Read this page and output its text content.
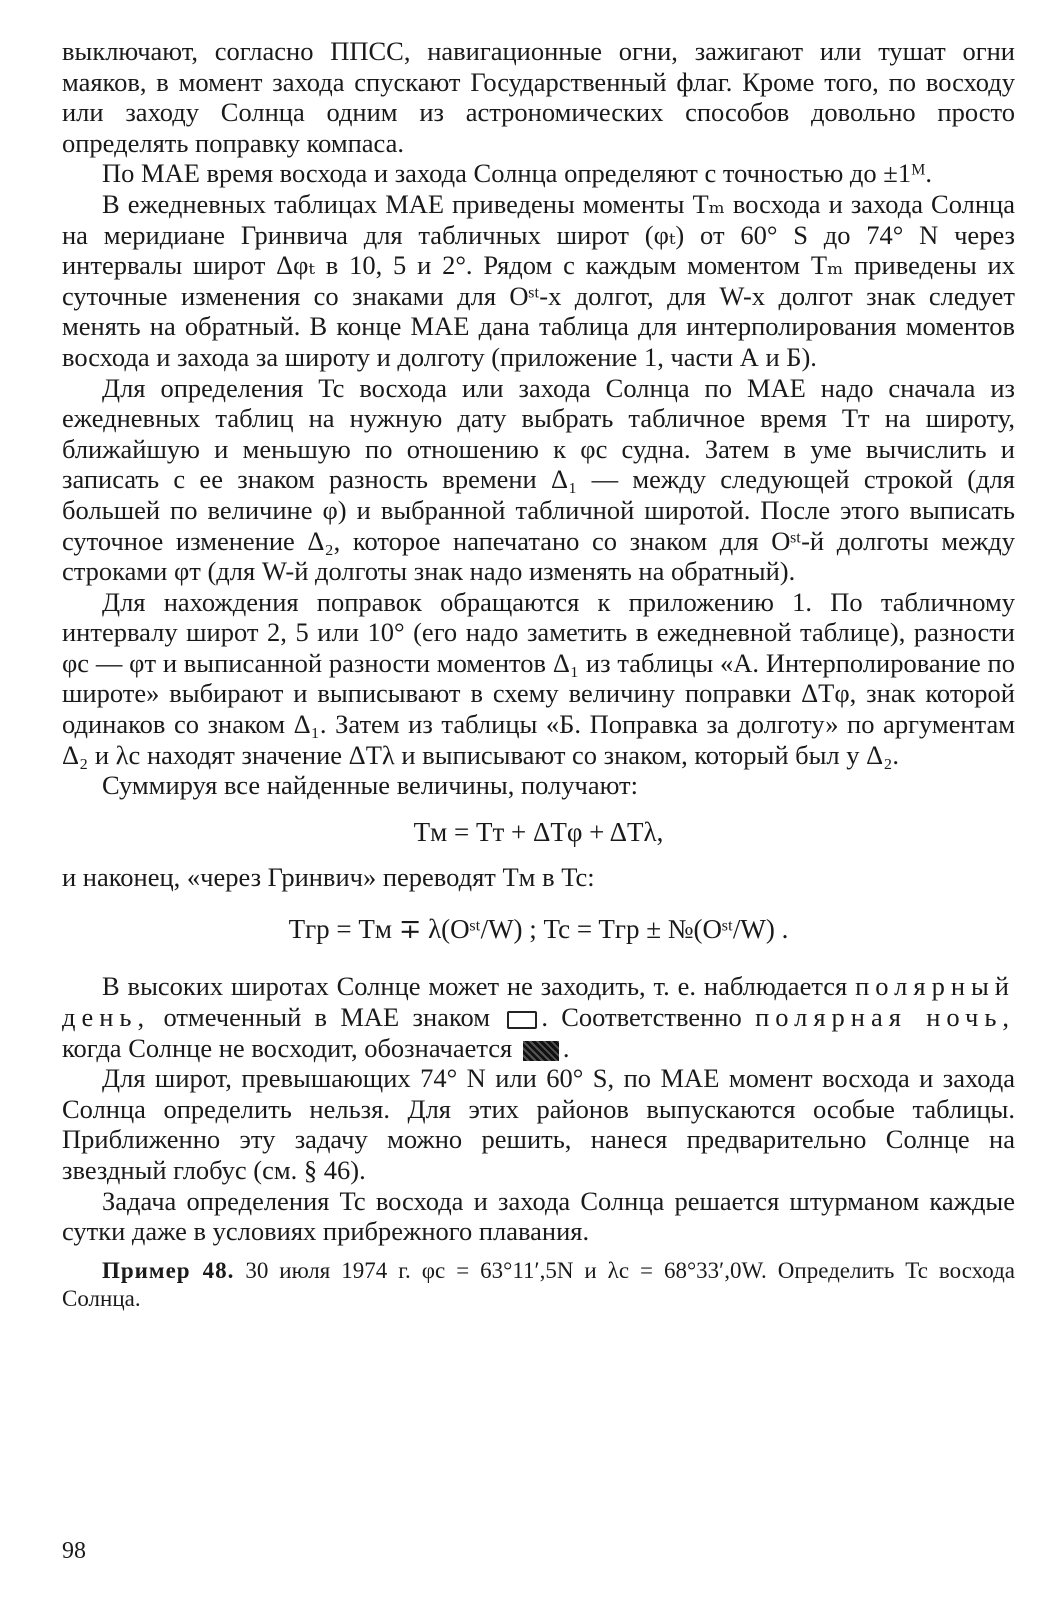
выключают, согласно ППСС, навигационные огни, зажигают или тушат огни маяков, в момент захода спускают Государственный флаг. Кроме того, по восходу или заходу Солнца одним из астрономических способов довольно просто определять поправку компаса.

По МАЕ время восхода и захода Солнца определяют с точностью до ±1ᴹ.

В ежедневных таблицах МАЕ приведены моменты Tₘ восхода и захода Солнца на меридиане Гринвича для табличных широт (φₜ) от 60° S до 74° N через интервалы широт Δφₜ в 10, 5 и 2°. Рядом с каждым моментом Tₘ приведены их суточные изменения со знаками для Oˢᵗ-х долгот, для W-х долгот знак следует менять на обратный. В конце МАЕ дана таблица для интерполирования моментов восхода и захода за широту и долготу (приложение 1, части А и Б).

Для определения Tc восхода или захода Солнца по МАЕ надо сначала из ежедневных таблиц на нужную дату выбрать табличное время Tт на широту, ближайшую и меньшую по отношению к φc судна. Затем в уме вычислить и записать с ее знаком разность времени Δ₁ — между следующей строкой (для большей по величине φ) и выбранной табличной широтой. После этого выписать суточное изменение Δ₂, которое напечатано со знаком для Oˢᵗ-й долготы между строками φт (для W-й долготы знак надо изменять на обратный).

Для нахождения поправок обращаются к приложению 1. По табличному интервалу широт 2, 5 или 10° (его надо заметить в ежедневной таблице), разности φc — φт и выписанной разности моментов Δ₁ из таблицы «А. Интерполирование по широте» выбирают и выписывают в схему величину поправки ΔTφ, знак которой одинаков со знаком Δ₁. Затем из таблицы «Б. Поправка за долготу» по аргументам Δ₂ и λc находят значение ΔTλ и выписывают со знаком, который был у Δ₂.

Суммируя все найденные величины, получают:

Tм = Tт + ΔTφ + ΔTλ,

и наконец, «через Гринвич» переводят Tм в Tc:

Tгр = Tм ∓ λ(Oˢᵗ/W) ; Tc = Tгр ± №(Oˢᵗ/W) .

В высоких широтах Солнце может не заходить, т. е. наблюдается полярный день, отмеченный в МАЕ знаком . Соответственно полярная ночь, когда Солнце не восходит, обозначается .

Для широт, превышающих 74° N или 60° S, по МАЕ момент восхода и захода Солнца определить нельзя. Для этих районов выпускаются особые таблицы. Приближенно эту задачу можно решить, нанеся предварительно Солнце на звездный глобус (см. § 46).

Задача определения Tc восхода и захода Солнца решается штурманом каждые сутки даже в условиях прибрежного плавания.

Пример 48. 30 июля 1974 г. φc = 63°11′,5N и λc = 68°33′,0W. Определить Tc восхода Солнца.

98
